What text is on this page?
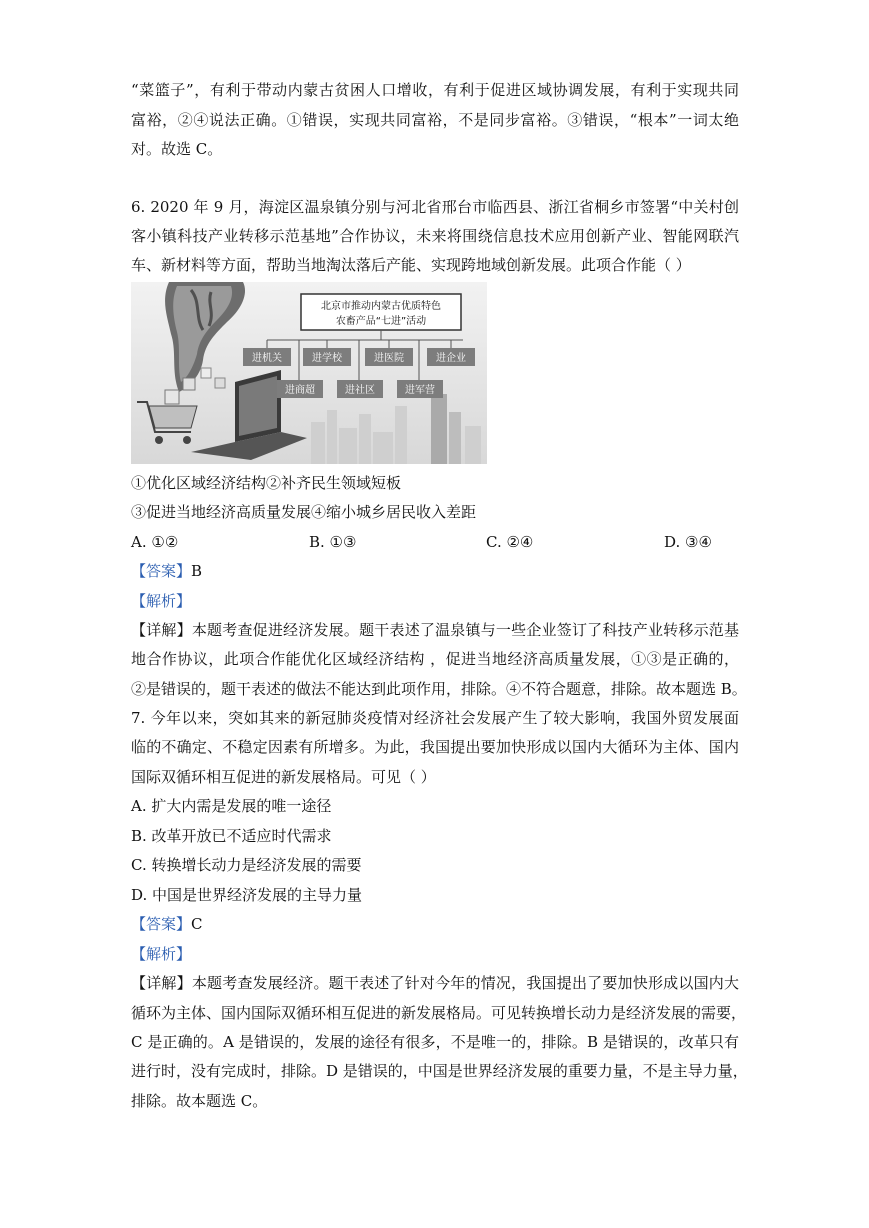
“菜篮子”，有利于带动内蒙古贫困人口增收，有利于促进区域协调发展，有利于实现共同
富裕，②④说法正确。①错误，实现共同富裕，不是同步富裕。③错误，“根本”一词太绝
对。故选 C。
6. 2020 年 9 月，海淀区温泉镇分别与河北省邢台市临西县、浙江省桐乡市签署“中关村创
客小镇科技产业转移示范基地”合作协议，未来将围绕信息技术应用创新产业、智能网联汽
车、新材料等方面，帮助当地淘汰落后产能、实现跨地域创新发展。此项合作能（ ）
北京市推动内蒙古优质特色
农畜产品“七进”活动
进机关	进学校	进医院	进企业
进商超	进社区	进军营
①优化区域经济结构②补齐民生领域短板
③促进当地经济高质量发展④缩小城乡居民收入差距
A. ①②	B. ①③	C. ②④	D. ③④
【答案】B
【解析】
【详解】本题考查促进经济发展。题干表述了温泉镇与一些企业签订了科技产业转移示范基
地合作协议，此项合作能优化区域经济结构 ，促进当地经济高质量发展，①③是正确的，
②是错误的，题干表述的做法不能达到此项作用，排除。④不符合题意，排除。故本题选 B。
7. 今年以来，突如其来的新冠肺炎疫情对经济社会发展产生了较大影响，我国外贸发展面
临的不确定、不稳定因素有所增多。为此，我国提出要加快形成以国内大循环为主体、国内
国际双循环相互促进的新发展格局。可见（ ）
A. 扩大内需是发展的唯一途径
B. 改革开放已不适应时代需求
C. 转换增长动力是经济发展的需要
D. 中国是世界经济发展的主导力量
【答案】C
【解析】
【详解】本题考查发展经济。题干表述了针对今年的情况，我国提出了要加快形成以国内大
循环为主体、国内国际双循环相互促进的新发展格局。可见转换增长动力是经济发展的需要，
C 是正确的。A 是错误的，发展的途径有很多，不是唯一的，排除。B 是错误的，改革只有
进行时，没有完成时，排除。D 是错误的，中国是世界经济发展的重要力量，不是主导力量，
排除。故本题选 C。
